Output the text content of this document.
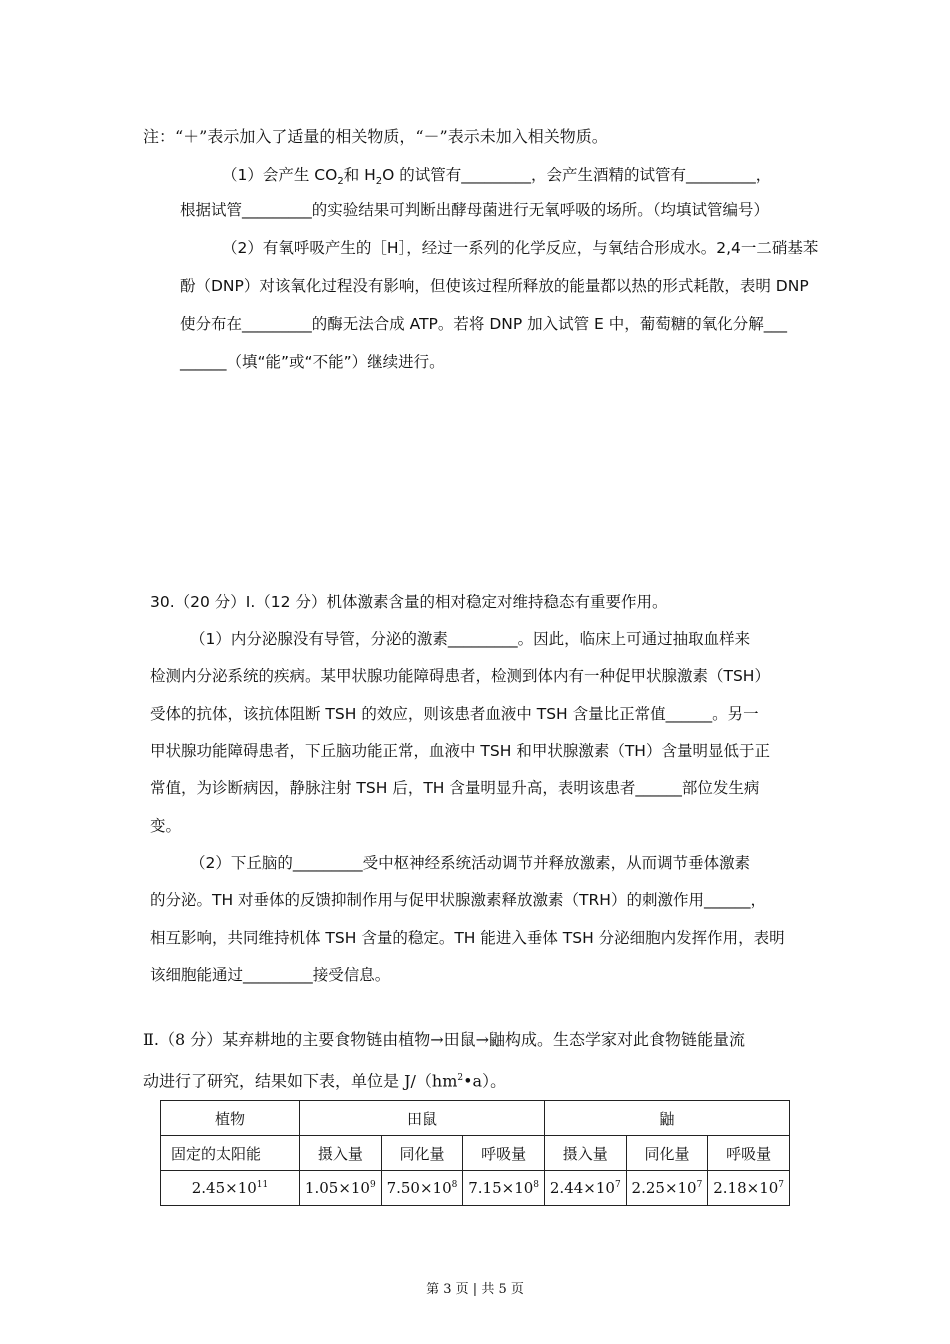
注：“＋”表示加入了适量的相关物质，“－”表示未加入相关物质。
（1）会产生 $CO_2$和 $H_2O$ 的试管有_________，会产生酒精的试管有_________，
根据试管_________的实验结果可判断出酵母菌进行无氧呼吸的场所。（均填试管编号）
（2）有氧呼吸产生的［H］，经过一系列的化学反应，与氧结合形成水。2,4一二硝基苯
酚（DNP）对该氧化过程没有影响，但使该过程所释放的能量都以热的形式耗散，表明 DNP
使分布在_________的酶无法合成 ATP。若将 DNP 加入试管 E 中，葡萄糖的氧化分解___
______（填“能”或“不能”）继续进行。
30.（20 分）Ⅰ.（12 分）机体激素含量的相对稳定对维持稳态有重要作用。
（1）内分泌腺没有导管，分泌的激素_________。因此，临床上可通过抽取血样来
检测内分泌系统的疾病。某甲状腺功能障碍患者，检测到体内有一种促甲状腺激素（TSH）
受体的抗体，该抗体阻断 TSH 的效应，则该患者血液中 TSH 含量比正常值______。另一
甲状腺功能障碍患者，下丘脑功能正常，血液中 TSH 和甲状腺激素（TH）含量明显低于正
常值，为诊断病因，静脉注射 TSH 后，TH 含量明显升高，表明该患者______部位发生病
变。
（2）下丘脑的_________受中枢神经系统活动调节并释放激素，从而调节垂体激素
的分泌。TH 对垂体的反馈抑制作用与促甲状腺激素释放激素（TRH）的刺激作用______，
相互影响，共同维持机体 TSH 含量的稳定。TH 能进入垂体 TSH 分泌细胞内发挥作用，表明
该细胞能通过_________接受信息。
Ⅱ.（8 分）某弃耕地的主要食物链由植物→田鼠→鼬构成。生态学家对此食物链能量流
动进行了研究，结果如下表，单位是 $J/(hm^2•a)$。
植物	田鼠			鼬		
固定的太阳能	摄入量	同化量	呼吸量	摄入量	同化量	呼吸量
$2.45\times 10^{11}$	$1.05\times 10^9$	$7.50\times 10^8$	$7.15\times 10^8$	$2.44\times 10^7$	$2.25\times 10^7$	$2.18\times 10^7$
第 3 页 | 共 5 页
